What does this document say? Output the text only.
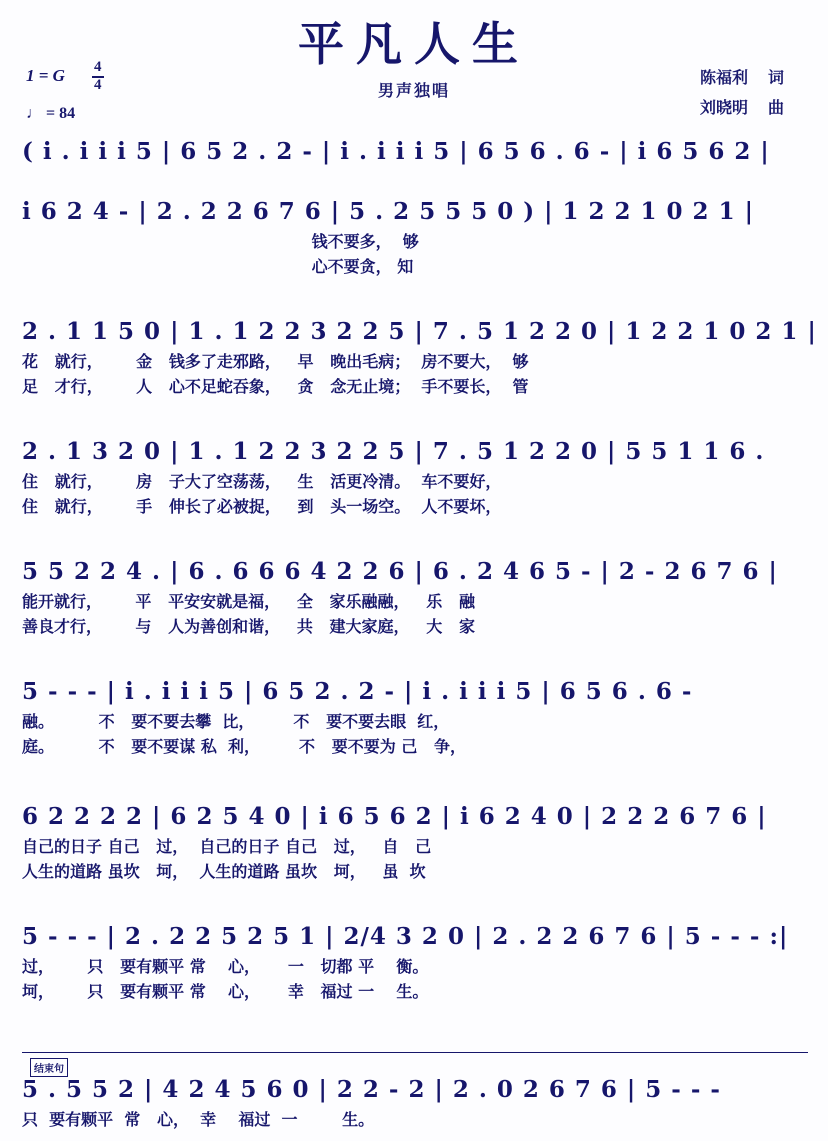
平凡人生
1 = G $\frac{4}{4}$
♩ = 84
男声独唱
陈福利 词
刘晓明 曲
( i . i i i 5 | 6 5 2 . 2 - | i . i i i 5 | 6 5 6 . 6 - | i 6 5 6 2 |
i 6 2 4 - | 2 . 2 2 6 7 6 | 5 . 2 5 5 5 0 ) | 1 2 2 1 0 2 1 |
钱不要多，  够
心不要贪， 知
2 . 1 1 5 0 | 1 . 1 2 2 3 2 2 5 | 7 . 5 1 2 2 0 | 1 2 2 1 0 2 1 |
花   就行，      金   钱多了走邪路，   早   晚出毛病；  房不要大，  够
足   才行，      人   心不足蛇吞象，   贪   念无止境；  手不要长，  管
2 . 1 3 2 0 | 1 . 1 2 2 3 2 2 5 | 7 . 5 1 2 2 0 | 5 5 1 1 6 .
住   就行，      房   子大了空荡荡，   生   活更冷清。  车不要好，
住   就行，      手   伸长了必被捉，   到   头一场空。  人不要坏，
5 5 2 2 4 . | 6 . 6 6 6 4 2 2 6 | 6 . 2 4 6 5 - | 2 - 2 6 7 6 |
能开就行，      平   平安安就是福，   全   家乐融融，   乐   融
善良才行，      与   人为善创和谐，   共   建大家庭，   大   家
5 - - - | i . i i i 5 | 6 5 2 . 2 - | i . i i i 5 | 6 5 6 . 6 -
融。        不   要不要去攀  比，       不   要不要去眼  红，
庭。        不   要不要谋 私  利，       不   要不要为 己   争，
6 2 2 2 2 | 6 2 5 4 0 | i 6 5 6 2 | i 6 2 4 0 | 2 2 2 6 7 6 |
自己的日子 自己   过，  自己的日子 自己   过，   自   己
人生的道路 虽坎   坷，  人生的道路 虽坎   坷，   虽  坎
5 - - - | 2 . 2 2 5 2 5 1 | 2/4 3 2 0 | 2 . 2 2 6 7 6 | 5 - - - :|
过，      只   要有颗平 常    心，     一   切都 平    衡。
坷，      只   要有颗平 常    心，     幸   福过 一    生。
结束句
5 . 5 5 2 | 4 2 4 5 6 0 | 2 2 - 2 | 2 . 0 2 6 7 6 | 5 - - -
只  要有颗平  常   心，  幸    福过  一        生。
